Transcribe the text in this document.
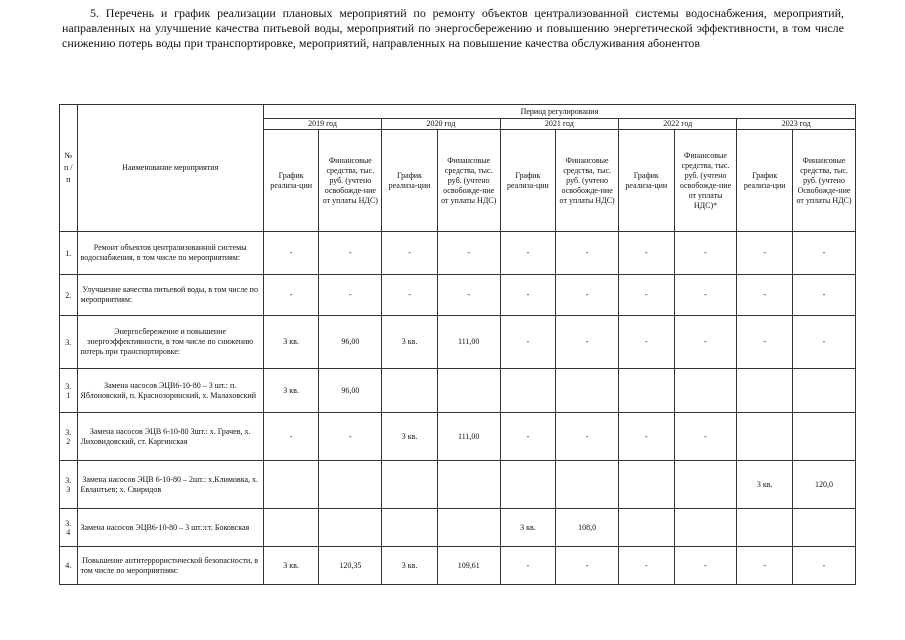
5. Перечень и график реализации плановых мероприятий по ремонту объектов централизованной системы водоснабжения, мероприятий, направленных на улучшение качества питьевой воды, мероприятий по энергосбережению и повышению энергетической эффективности, в том числе снижению потерь воды при транспортировке, мероприятий, направленных на повышение качества обслуживания абонентов
№ п / п	Наименование мероприятия	Период регулирования									
		2019 год		2020 год		2021 год		2022 год		2023 год	
		График реализа-ции	Финансовые средства, тыс. руб. (учтено освобожде-ние от уплаты НДС)	График реализа-ции	Финансовые средства, тыс. руб. (учтено освобожде-ние от уплаты НДС)	График реализа-ции	Финансовые средства, тыс. руб. (учтено освобожде-ние от уплаты НДС)	График реализа-ции	Финансовые средства, тыс. руб. (учтено освобожде-ние от уплаты НДС)*	График реализа-ции	Финансовые средства, тыс. руб. (учтено Освобожде-ние от уплаты НДС)
1.	Ремонт объектов централизованной системы водоснабжения, в том числе по мероприятиям:	-	-	-	-	-	-	-	-	-	-
2.	Улучшение качества питьевой воды, в том числе по мероприятиям:	-	-	-	-	-	-	-	-	-	-
3.	Энергосбережение и повышение энергоэффективности, в том числе по снижению потерь при транспортировке:	3 кв.	96,00	3 кв.	111,00	-	-	-	-	-	-
3. 1	Замена насосов ЭЦВ6-10-80 – 3 шт.: п. Яблоновский, п. Краснозоринский, х. Малаховский	3 кв.	96,00								
3. 2	Замена насосов ЭЦВ 6-10-80 3шт.: х. Грачев, х. Лиховидовский, ст. Каргинская	-	-	3 кв.	111,00	-	-	-	-		
3. 3	Замена насосов ЭЦВ 6-10-80 – 2шт.: х.Климовка, х. Евлантьев; х. Свиридов									3 кв.	120,0
3. 4	Замена насосов ЭЦВ6-10-80 – 3 шт.:ст. Боковская					3 кв.	108,0				
4.	Повышение антитеррористической безопасности, в том числе по мероприятиям:	3 кв.	120,35	3 кв.	109,61	-	-	-	-	-	-
